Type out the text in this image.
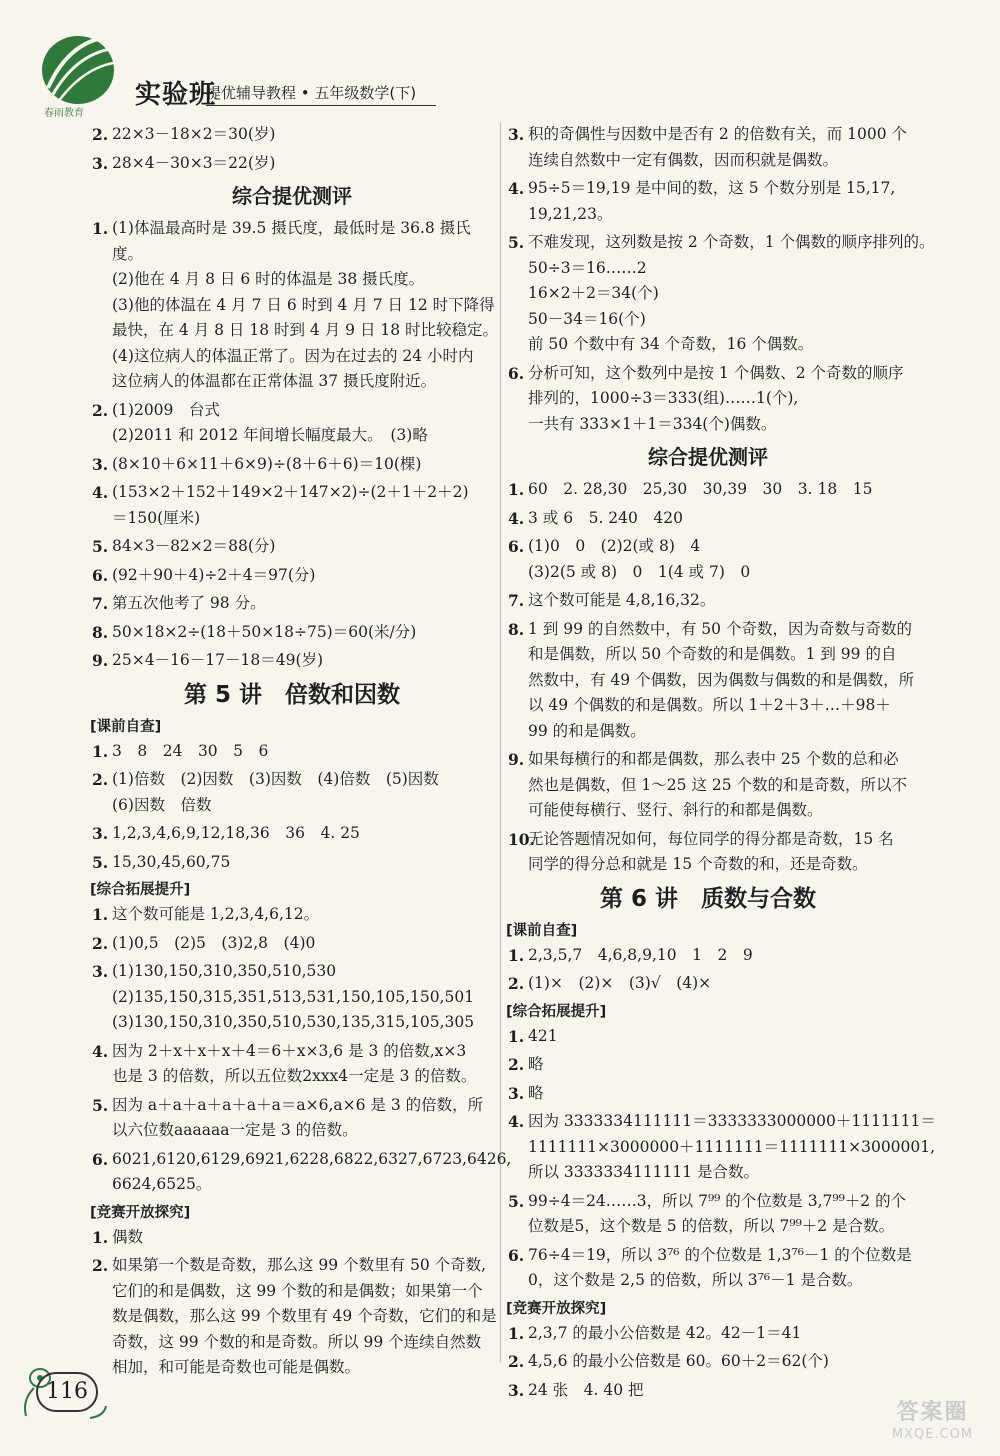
春雨教育
实验班
提优辅导教程 • 五年级数学(下)
2. 22×3－18×2＝30(岁)
3. 28×4－30×3＝22(岁)
综合提优测评
1. (1)体温最高时是 39.5 摄氏度，最低时是 36.8 摄氏
度。
(2)他在 4 月 8 日 6 时的体温是 38 摄氏度。
(3)他的体温在 4 月 7 日 6 时到 4 月 7 日 12 时下降得
最快，在 4 月 8 日 18 时到 4 月 9 日 18 时比较稳定。
(4)这位病人的体温正常了。因为在过去的 24 小时内
这位病人的体温都在正常体温 37 摄氏度附近。
2. (1)2009　台式
(2)2011 和 2012 年间增长幅度最大。　(3)略
3. (8×10＋6×11＋6×9)÷(8＋6＋6)＝10(棵)
4. (153×2＋152＋149×2＋147×2)÷(2＋1＋2＋2)
＝150(厘米)
5. 84×3－82×2＝88(分)
6. (92＋90＋4)÷2＋4＝97(分)
7. 第五次他考了 98 分。
8. 50×18×2÷(18＋50×18÷75)＝60(米/分)
9. 25×4－16－17－18＝49(岁)
第 5 讲　倍数和因数
[课前自查]
1. 3　8　24　30　5　6
2. (1)倍数　(2)因数　(3)因数　(4)倍数　(5)因数
(6)因数　倍数
3. 1,2,3,4,6,9,12,18,36　36　4. 25
5. 15,30,45,60,75
[综合拓展提升]
1. 这个数可能是 1,2,3,4,6,12。
2. (1)0,5　(2)5　(3)2,8　(4)0
3. (1)130,150,310,350,510,530
(2)135,150,315,351,513,531,150,105,150,501
(3)130,150,310,350,510,530,135,315,105,305
4. 因为 2＋x＋x＋x＋4＝6＋x×3,6 是 3 的倍数,x×3
也是 3 的倍数，所以五位数2xxx4一定是 3 的倍数。
5. 因为 a＋a＋a＋a＋a＋a＝a×6,a×6 是 3 的倍数，所
以六位数aaaaaa一定是 3 的倍数。
6. 6021,6120,6129,6921,6228,6822,6327,6723,6426,
6624,6525。
[竞赛开放探究]
1. 偶数
2. 如果第一个数是奇数，那么这 99 个数里有 50 个奇数,
它们的和是偶数，这 99 个数的和是偶数；如果第一个
数是偶数，那么这 99 个数里有 49 个奇数，它们的和是
奇数，这 99 个数的和是奇数。所以 99 个连续自然数
相加，和可能是奇数也可能是偶数。
3. 积的奇偶性与因数中是否有 2 的倍数有关，而 1000 个
连续自然数中一定有偶数，因而积就是偶数。
4. 95÷5＝19,19 是中间的数，这 5 个数分别是 15,17,
19,21,23。
5. 不难发现，这列数是按 2 个奇数，1 个偶数的顺序排列的。
50÷3＝16……2
16×2＋2＝34(个)
50－34＝16(个)
前 50 个数中有 34 个奇数，16 个偶数。
6. 分析可知，这个数列中是按 1 个偶数、2 个奇数的顺序
排列的，1000÷3＝333(组)……1(个),
一共有 333×1＋1＝334(个)偶数。
综合提优测评
1. 60　2. 28,30　25,30　30,39　30　3. 18　15
4. 3 或 6　5. 240　420
6. (1)0　0　(2)2(或 8)　4
(3)2(5 或 8)　0　1(4 或 7)　0
7. 这个数可能是 4,8,16,32。
8. 1 到 99 的自然数中，有 50 个奇数，因为奇数与奇数的
和是偶数，所以 50 个奇数的和是偶数。1 到 99 的自
然数中，有 49 个偶数，因为偶数与偶数的和是偶数，所
以 49 个偶数的和是偶数。所以 1＋2＋3＋…＋98＋
99 的和是偶数。
9. 如果每横行的和都是偶数，那么表中 25 个数的总和必
然也是偶数，但 1～25 这 25 个数的和是奇数，所以不
可能使每横行、竖行、斜行的和都是偶数。
10.
无论答题情况如何，每位同学的得分都是奇数，15 名
同学的得分总和就是 15 个奇数的和，还是奇数。
第 6 讲　质数与合数
[课前自查]
1. 2,3,5,7　4,6,8,9,10　1　2　9
2. (1)×　(2)×　(3)√　(4)×
[综合拓展提升]
1. 421
2. 略
3. 略
4. 因为 3333334111111＝3333333000000＋1111111＝
1111111×3000000＋1111111＝1111111×3000001,
所以 3333334111111 是合数。
5. 99÷4＝24……3，所以 7⁹⁹ 的个位数是 3,7⁹⁹＋2 的个
位数是5，这个数是 5 的倍数，所以 7⁹⁹＋2 是合数。
6. 76÷4＝19，所以 3⁷⁶ 的个位数是 1,3⁷⁶－1 的个位数是
0，这个数是 2,5 的倍数，所以 3⁷⁶－1 是合数。
[竞赛开放探究]
1. 2,3,7 的最小公倍数是 42。42－1＝41
2. 4,5,6 的最小公倍数是 60。60＋2＝62(个)
3. 24 张　4. 40 把
116
答案圈
MXQE.COM
